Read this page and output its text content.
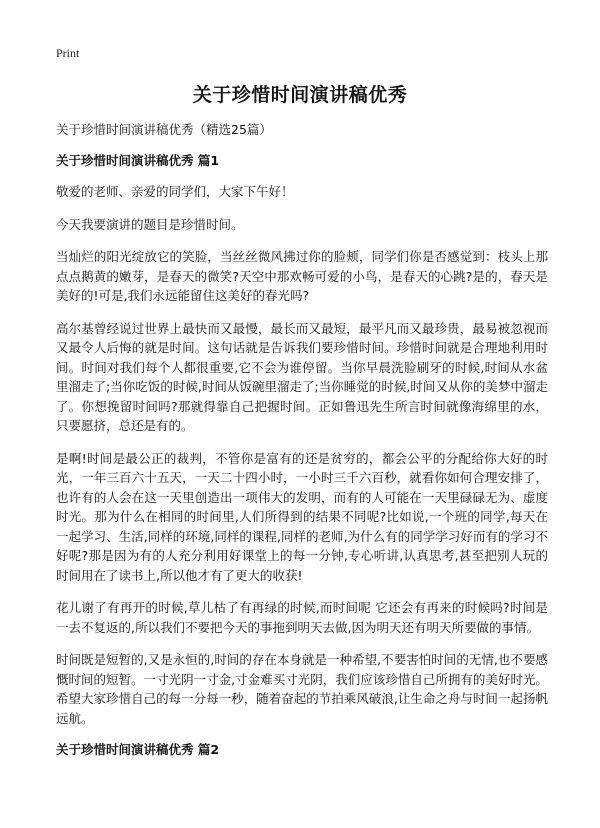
Print
关于珍惜时间演讲稿优秀

关于珍惜时间演讲稿优秀（精选25篇）

关于珍惜时间演讲稿优秀 篇1

敬爱的老师、亲爱的同学们，大家下午好！

今天我要演讲的题目是珍惜时间。

当灿烂的阳光绽放它的笑脸，当丝丝微风拂过你的脸颊，同学们你是否感觉到：枝头上那点点鹅黄的嫩芽，是春天的微笑?天空中那欢畅可爱的小鸟，是春天的心跳?是的，春天是美好的!可是,我们永远能留住这美好的春光吗?

高尔基曾经说过世界上最快而又最慢，最长而又最短，最平凡而又最珍贵，最易被忽视而又最令人后悔的就是时间。这句话就是告诉我们要珍惜时间。珍惜时间就是合理地利用时间。时间对我们每个人都很重要,它不会为谁停留。当你早晨洗脸刷牙的时候,时间从水盆里溜走了;当你吃饭的时候,时间从饭碗里溜走了;当你睡觉的时候,时间又从你的美梦中溜走了。你想挽留时间吗?那就得靠自己把握时间。正如鲁迅先生所言时间就像海绵里的水，只要愿挤，总还是有的。

是啊!时间是最公正的裁判，不管你是富有的还是贫穷的，都会公平的分配给你大好的时光，一年三百六十五天，一天二十四小时，一小时三千六百秒，就看你如何合理安排了，也许有的人会在这一天里创造出一项伟大的发明，而有的人可能在一天里碌碌无为、虚度时光。那为什么在相同的时间里,人们所得到的结果不同呢?比如说,一个班的同学,每天在一起学习、生活,同样的环境,同样的课程,同样的老师,为什么有的同学学习好而有的学习不好呢?那是因为有的人充分利用好课堂上的每一分钟,专心听讲,认真思考,甚至把别人玩的时间用在了读书上,所以他才有了更大的收获!

花儿谢了有再开的时候,草儿枯了有再绿的时候,而时间呢 它还会有再来的时候吗?时间是一去不复返的,所以我们不要把今天的事拖到明天去做,因为明天还有明天所要做的事情。

时间既是短暂的,又是永恒的,时间的存在本身就是一种希望,不要害怕时间的无情,也不要感慨时间的短暂。一寸光阴一寸金,寸金难买寸光阴，我们应该珍惜自己所拥有的美好时光。希望大家珍惜自己的每一分每一秒，随着奋起的节拍乘风破浪,让生命之舟与时间一起扬帆远航。

关于珍惜时间演讲稿优秀 篇2
